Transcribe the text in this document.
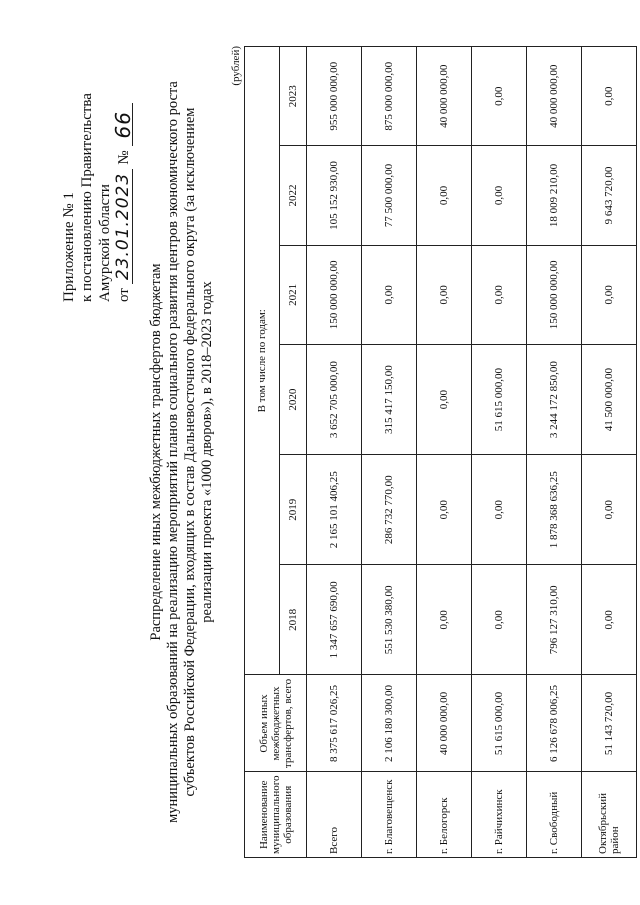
Приложение № 1 к постановлению Правительства Амурской области от
23.01.2023
№
66
Распределение иных межбюджетных трансфертов бюджетам муниципальных образований на реализацию мероприятий планов социального развития центров экономического роста субъектов Российской Федерации, входящих в состав Дальневосточного федерального округа (за исключением реализации проекта «1000 дворов»), в 2018–2023 годах
(рублей)
Наименование муниципального образования	Объем иных межбюджетных трансфертов, всего	В том числе по годам:					
		2018	2019	2020	2021	2022	2023
Всего	8 375 617 026,25	1 347 657 690,00	2 165 101 406,25	3 652 705 000,00	150 000 000,00	105 152 930,00	955 000 000,00
г. Благовещенск	2 106 180 300,00	551 530 380,00	286 732 770,00	315 417 150,00	0,00	77 500 000,00	875 000 000,00
г. Белогорск	40 000 000,00	0,00	0,00	0,00	0,00	0,00	40 000 000,00
г. Райчихинск	51 615 000,00	0,00	0,00	51 615 000,00	0,00	0,00	0,00
г. Свободный	6 126 678 006,25	796 127 310,00	1 878 368 636,25	3 244 172 850,00	150 000 000,00	18 009 210,00	40 000 000,00
Октябрьский район	51 143 720,00	0,00	0,00	41 500 000,00	0,00	9 643 720,00	0,00
